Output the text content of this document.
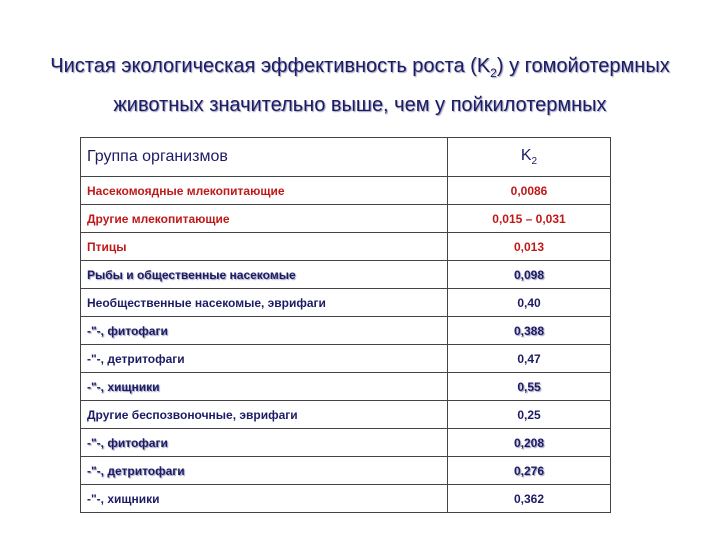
Чистая экологическая эффективность роста $(K_2)$ у гомойотермных
животных значительно выше, чем у пойкилотермных
Группа организмов	$K_2$
Насекомоядные млекопитающие	0,0086
Другие млекопитающие	0,015 – 0,031
Птицы	0,013
Рыбы и общественные насекомые	0,098
Необщественные насекомые, эврифаги	0,40
-"-, фитофаги	0,388
-"-, детритофаги	0,47
-"-, хищники	0,55
Другие беспозвоночные, эврифаги	0,25
-"-, фитофаги	0,208
-"-, детритофаги	0,276
-"-, хищники	0,362
